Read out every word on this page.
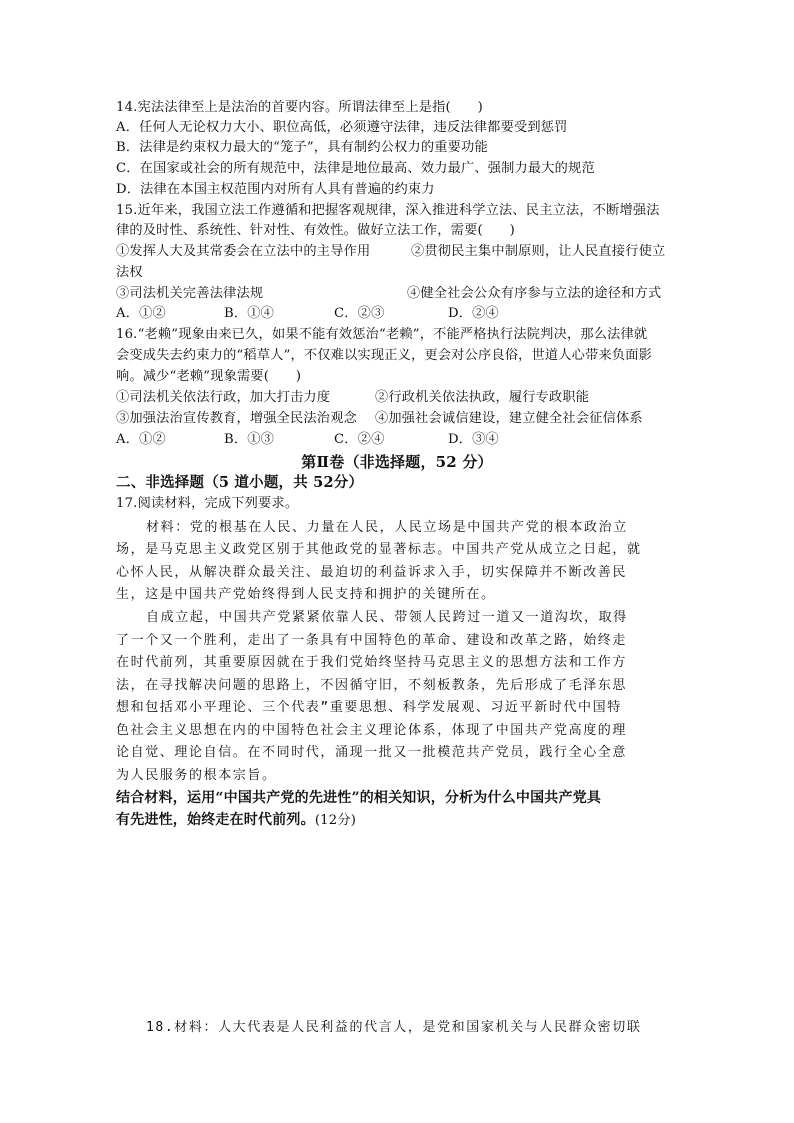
14.宪法法律至上是法治的首要内容。所谓法律至上是指(　　)
A．任何人无论权力大小、职位高低，必须遵守法律，违反法律都要受到惩罚
B．法律是约束权力最大的“笼子”，具有制约公权力的重要功能
C．在国家或社会的所有规范中，法律是地位最高、效力最广、强制力最大的规范
D．法律在本国主权范围内对所有人具有普遍的约束力
15.近年来，我国立法工作遵循和把握客观规律，深入推进科学立法、民主立法，不断增强法
律的及时性、系统性、针对性、有效性。做好立法工作，需要(　　)
①发挥人大及其常委会在立法中的主导作用	②贯彻民主集中制原则，让人民直接行使立
法权
③司法机关完善法律法规	④健全社会公众有序参与立法的途径和方式
A．①②	B．①④	C．②③	D．②④
16.“老赖”现象由来已久，如果不能有效惩治“老赖”，不能严格执行法院判决，那么法律就
会变成失去约束力的“稻草人”，不仅难以实现正义，更会对公序良俗，世道人心带来负面影
响。减少“老赖”现象需要(　　)
①司法机关依法行政，加大打击力度	②行政机关依法执政，履行专政职能
③加强法治宣传教育，增强全民法治观念 ④加强社会诚信建设，建立健全社会征信体系
A．①②	B．①③	C．②④	D．③④
第Ⅱ卷（非选择题，52 分）
二、非选择题（5 道小题，共 52分）
17.阅读材料，完成下列要求。
材料：党的根基在人民、力量在人民，人民立场是中国共产党的根本政治立
场，是马克思主义政党区别于其他政党的显著标志。中国共产党从成立之日起，就
心怀人民，从解决群众最关注、最迫切的利益诉求入手，切实保障并不断改善民
生，这是中国共产党始终得到人民支持和拥护的关键所在。
自成立起，中国共产党紧紧依靠人民、带领人民跨过一道又一道沟坎，取得
了一个又一个胜利，走出了一条具有中国特色的革命、建设和改革之路，始终走
在时代前列，其重要原因就在于我们党始终坚持马克思主义的思想方法和工作方
法，在寻找解决问题的思路上，不因循守旧，不刻板教条，先后形成了毛泽东思
想和包括邓小平理论、三个代表”重要思想、科学发展观、习近平新时代中国特
色社会主义思想在内的中国特色社会主义理论体系，体现了中国共产党高度的理
论自觉、理论自信。在不同时代，涌现一批又一批模范共产党员，践行全心全意
为人民服务的根本宗旨。
结合材料，运用“中国共产党的先进性”的相关知识，分析为什么中国共产党具
有先进性，始终走在时代前列。(12分)
18.材料：人大代表是人民利益的代言人，是党和国家机关与人民群众密切联
